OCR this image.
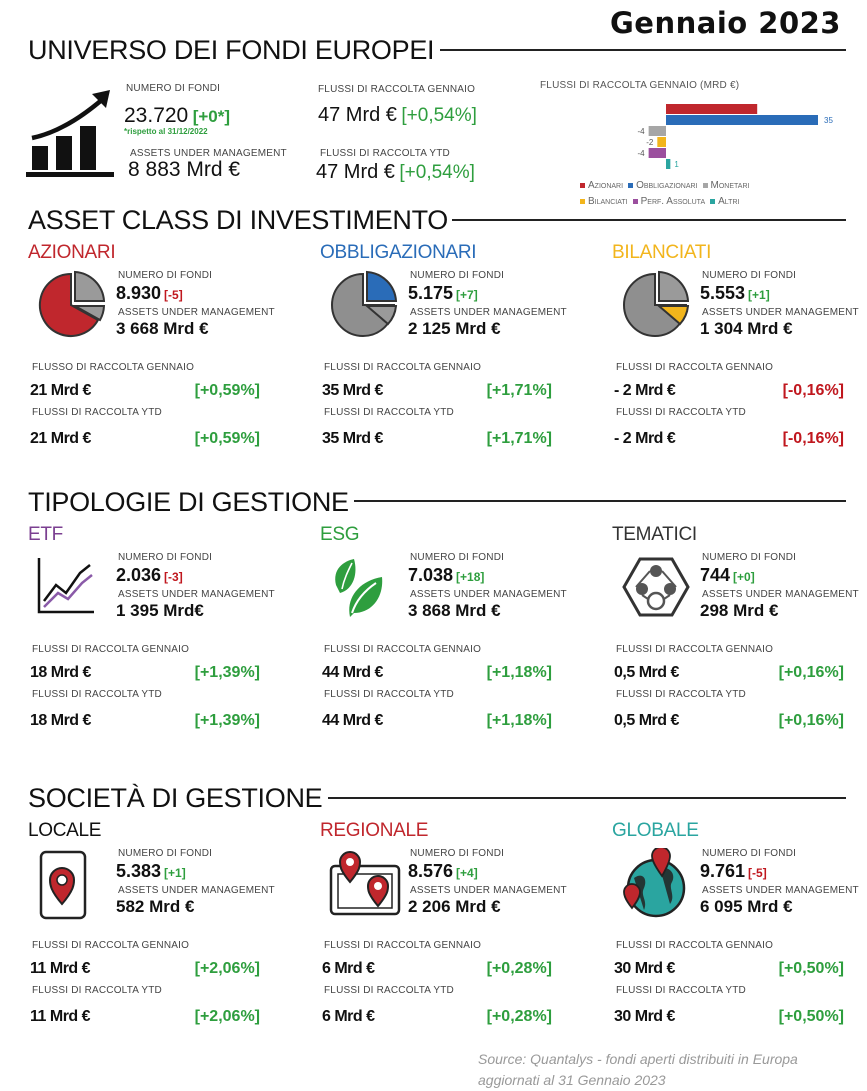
Gennaio 2023
UNIVERSO DEI FONDI EUROPEI
NUMERO DI FONDI
23.720 [+0*]
*rispetto al 31/12/2022
ASSETS UNDER MANAGEMENT
8 883 Mrd €
FLUSSI DI RACCOLTA GENNAIO
47 Mrd € [+0,54%]
FLUSSI DI RACCOLTA YTD
47 Mrd € [+0,54%]
FLUSSI DI RACCOLTA GENNAIO (MRD €)
21
35
-4
-2
-4
1
Azionari Obbligazionari Monetari
Bilanciati Perf. Assoluta Altri
ASSET CLASS DI INVESTIMENTO
TIPOLOGIE DI GESTIONE
SOCIETÀ DI GESTIONE
AZIONARI
NUMERO DI FONDI
8.930 [-5]
ASSETS UNDER MANAGEMENT
3 668 Mrd €
FLUSSO DI RACCOLTA GENNAIO
21 Mrd €	[+0,59%]
FLUSSI DI RACCOLTA YTD
21 Mrd €	[+0,59%]
OBBLIGAZIONARI
NUMERO DI FONDI
5.175 [+7]
ASSETS UNDER MANAGEMENT
2 125 Mrd €
FLUSSI DI RACCOLTA GENNAIO
35 Mrd €	[+1,71%]
FLUSSI DI RACCOLTA YTD
35 Mrd €	[+1,71%]
BILANCIATI
NUMERO DI FONDI
5.553 [+1]
ASSETS UNDER MANAGEMENT
1 304 Mrd €
FLUSSI DI RACCOLTA GENNAIO
- 2 Mrd €	[-0,16%]
FLUSSI DI RACCOLTA YTD
- 2 Mrd €	[-0,16%]
ETF
NUMERO DI FONDI
2.036 [-3]
ASSETS UNDER MANAGEMENT
1 395 Mrd€
FLUSSI DI RACCOLTA GENNAIO
18 Mrd €	[+1,39%]
FLUSSI DI RACCOLTA YTD
18 Mrd €	[+1,39%]
ESG
NUMERO DI FONDI
7.038 [+18]
ASSETS UNDER MANAGEMENT
3 868 Mrd €
FLUSSI DI RACCOLTA GENNAIO
44 Mrd €	[+1,18%]
FLUSSI DI RACCOLTA YTD
44 Mrd €	[+1,18%]
TEMATICI
NUMERO DI FONDI
744 [+0]
ASSETS UNDER MANAGEMENT
298 Mrd €
FLUSSI DI RACCOLTA GENNAIO
0,5 Mrd €	[+0,16%]
FLUSSI DI RACCOLTA YTD
0,5 Mrd €	[+0,16%]
LOCALE
NUMERO DI FONDI
5.383 [+1]
ASSETS UNDER MANAGEMENT
582 Mrd €
FLUSSI DI RACCOLTA GENNAIO
11 Mrd €	[+2,06%]
FLUSSI DI RACCOLTA YTD
11 Mrd €	[+2,06%]
REGIONALE
NUMERO DI FONDI
8.576 [+4]
ASSETS UNDER MANAGEMENT
2 206 Mrd €
FLUSSI DI RACCOLTA GENNAIO
6 Mrd €	[+0,28%]
FLUSSI DI RACCOLTA YTD
6 Mrd €	[+0,28%]
GLOBALE
NUMERO DI FONDI
9.761 [-5]
ASSETS UNDER MANAGEMENT
6 095 Mrd €
FLUSSI DI RACCOLTA GENNAIO
30 Mrd €	[+0,50%]
FLUSSI DI RACCOLTA YTD
30 Mrd €	[+0,50%]
Source: Quantalys - fondi aperti distribuiti in Europa
aggiornati al 31 Gennaio 2023
